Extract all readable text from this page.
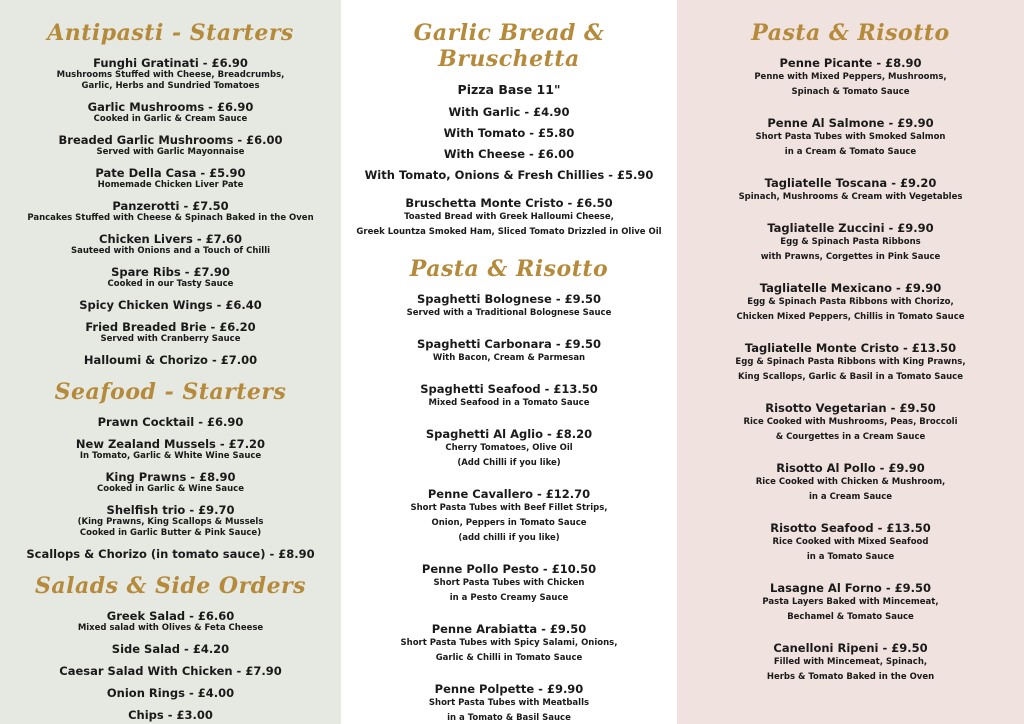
Antipasti - Starters
Funghi Gratinati - £6.90
Mushrooms Stuffed with Cheese, Breadcrumbs,
Garlic, Herbs and Sundried Tomatoes
Garlic Mushrooms - £6.90
Cooked in Garlic & Cream Sauce
Breaded Garlic Mushrooms - £6.00
Served with Garlic Mayonnaise
Pate Della Casa - £5.90
Homemade Chicken Liver Pate
Panzerotti - £7.50
Pancakes Stuffed with Cheese & Spinach Baked in the Oven
Chicken Livers - £7.60
Sauteed with Onions and a Touch of Chilli
Spare Ribs - £7.90
Cooked in our Tasty Sauce
Spicy Chicken Wings - £6.40
Fried Breaded Brie - £6.20
Served with Cranberry Sauce
Halloumi & Chorizo - £7.00
Seafood - Starters
Prawn Cocktail - £6.90
New Zealand Mussels - £7.20
In Tomato, Garlic & White Wine Sauce
King Prawns - £8.90
Cooked in Garlic & Wine Sauce
Shelfish trio - £9.70
(King Prawns, King Scallops & Mussels
Cooked in Garlic Butter & Pink Sauce)
Scallops & Chorizo (in tomato sauce) - £8.90
Salads & Side Orders
Greek Salad - £6.60
Mixed salad with Olives & Feta Cheese
Side Salad - £4.20
Caesar Salad With Chicken - £7.90
Onion Rings - £4.00
Chips - £3.00
Garlic Bread & Bruschetta
Pizza Base 11"
With Garlic - £4.90
With Tomato - £5.80
With Cheese - £6.00
With Tomato, Onions & Fresh Chillies - £5.90
Bruschetta Monte Cristo - £6.50
Toasted Bread with Greek Halloumi Cheese,
Greek Lountza Smoked Ham, Sliced Tomato Drizzled in Olive Oil
Pasta & Risotto
Spaghetti Bolognese - £9.50
Served with a Traditional Bolognese Sauce
Spaghetti Carbonara - £9.50
With Bacon, Cream & Parmesan
Spaghetti Seafood - £13.50
Mixed Seafood in a Tomato Sauce
Spaghetti Al Aglio - £8.20
Cherry Tomatoes, Olive Oil
(Add Chilli if you like)
Penne Cavallero - £12.70
Short Pasta Tubes with Beef Fillet Strips,
Onion, Peppers in Tomato Sauce
(add chilli if you like)
Penne Pollo Pesto - £10.50
Short Pasta Tubes with Chicken
in a Pesto Creamy Sauce
Penne Arabiatta - £9.50
Short Pasta Tubes with Spicy Salami, Onions,
Garlic & Chilli in Tomato Sauce
Penne Polpette - £9.90
Short Pasta Tubes with Meatballs
in a Tomato & Basil Sauce
Pasta & Risotto
Penne Picante - £8.90
Penne with Mixed Peppers, Mushrooms,
Spinach & Tomato Sauce
Penne Al Salmone - £9.90
Short Pasta Tubes with Smoked Salmon
in a Cream & Tomato Sauce
Tagliatelle Toscana - £9.20
Spinach, Mushrooms & Cream with Vegetables
Tagliatelle Zuccini - £9.90
Egg & Spinach Pasta Ribbons
with Prawns, Corgettes in Pink Sauce
Tagliatelle Mexicano - £9.90
Egg & Spinach Pasta Ribbons with Chorizo,
Chicken Mixed Peppers, Chillis in Tomato Sauce
Tagliatelle Monte Cristo - £13.50
Egg & Spinach Pasta Ribbons with King Prawns,
King Scallops, Garlic & Basil in a Tomato Sauce
Risotto Vegetarian - £9.50
Rice Cooked with Mushrooms, Peas, Broccoli
& Courgettes in a Cream Sauce
Risotto Al Pollo - £9.90
Rice Cooked with Chicken & Mushroom,
in a Cream Sauce
Risotto Seafood - £13.50
Rice Cooked with Mixed Seafood
in a Tomato Sauce
Lasagne Al Forno - £9.50
Pasta Layers Baked with Mincemeat,
Bechamel & Tomato Sauce
Canelloni Ripeni - £9.50
Filled with Mincemeat, Spinach,
Herbs & Tomato Baked in the Oven
